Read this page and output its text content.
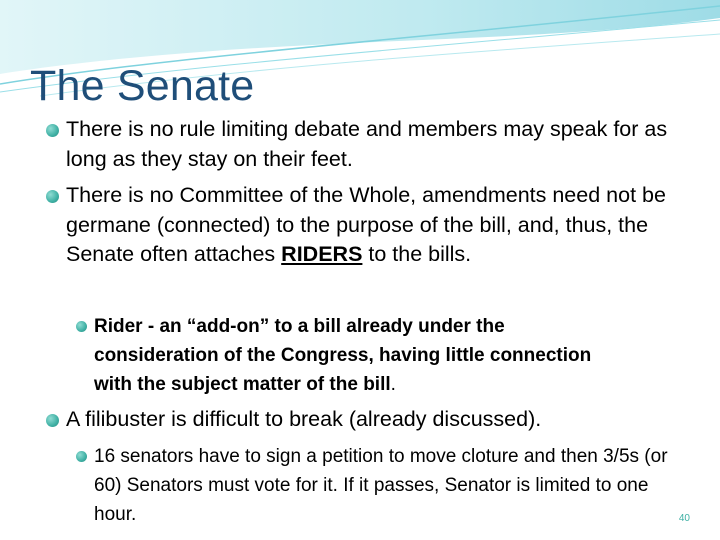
The Senate
There is no rule limiting debate and members may speak for as long as they stay on their feet.
There is no Committee of the Whole, amendments need not be germane (connected) to the purpose of the bill, and, thus, the Senate often attaches RIDERS to the bills.
Rider - an “add-on” to a bill already under the consideration of the Congress, having little connection with the subject matter of the bill.
A filibuster is difficult to break (already discussed).
16 senators have to sign a petition to move cloture and then 3/5s (or 60) Senators must vote for it. If it passes, Senator is limited to one hour.	40
